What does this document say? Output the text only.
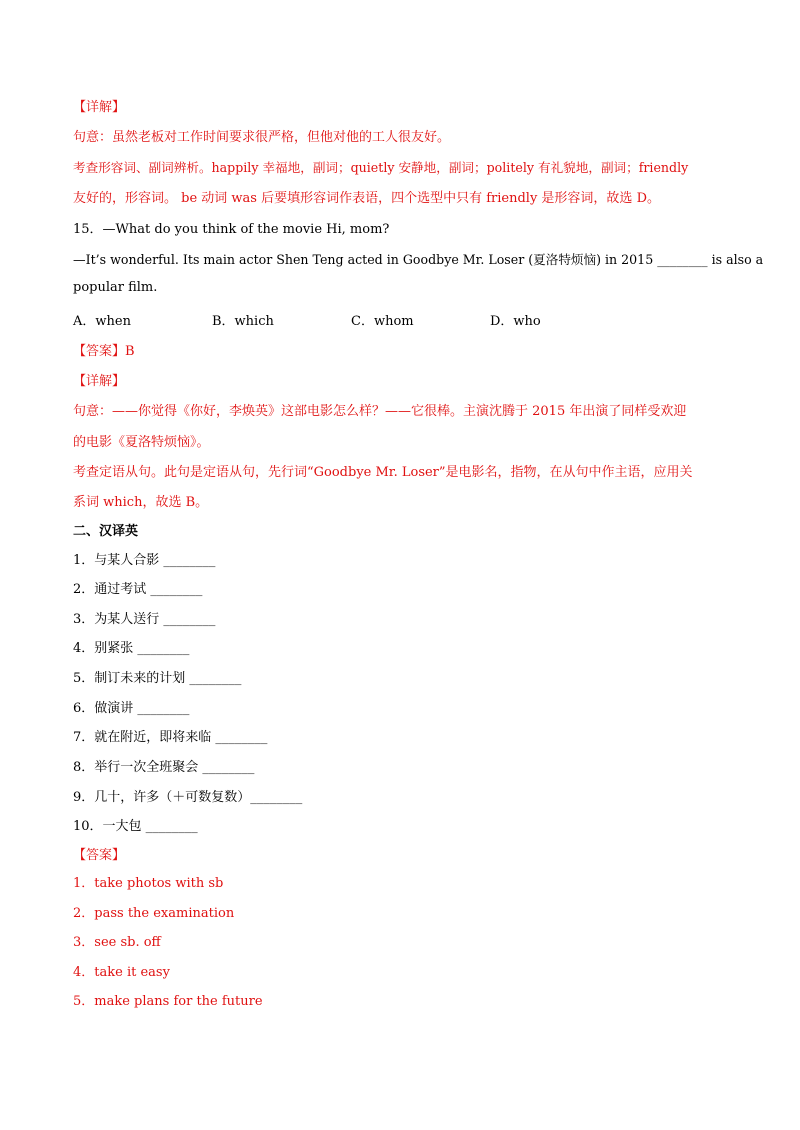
【详解】
句意：虽然老板对工作时间要求很严格，但他对他的工人很友好。
考查形容词、副词辨析。happily 幸福地，副词；quietly 安静地，副词；politely 有礼貌地，副词；friendly
友好的，形容词。 be 动词 was 后要填形容词作表语，四个选型中只有 friendly 是形容词，故选 D。
15．—What do you think of the movie Hi, mom?
—It’s wonderful. Its main actor Shen Teng acted in Goodbye Mr. Loser (夏洛特烦恼) in 2015 ________ is also a
popular film.
A．when	B．which	C．whom	D．who
【答案】B
【详解】
句意：——你觉得《你好，李焕英》这部电影怎么样？——它很棒。主演沈腾于 2015 年出演了同样受欢迎
的电影《夏洛特烦恼》。
考查定语从句。此句是定语从句，先行词“Goodbye Mr. Loser”是电影名，指物，在从句中作主语，应用关
系词 which，故选 B。
二、汉译英
1．与某人合影 ________
2．通过考试 ________
3．为某人送行 ________
4．别紧张 ________
5．制订未来的计划 ________
6．做演讲 ________
7．就在附近，即将来临 ________
8．举行一次全班聚会 ________
9．几十，许多（＋可数复数）________
10．一大包 ________
【答案】
1．take photos with sb
2．pass the examination
3．see sb. off
4．take it easy
5．make plans for the future
